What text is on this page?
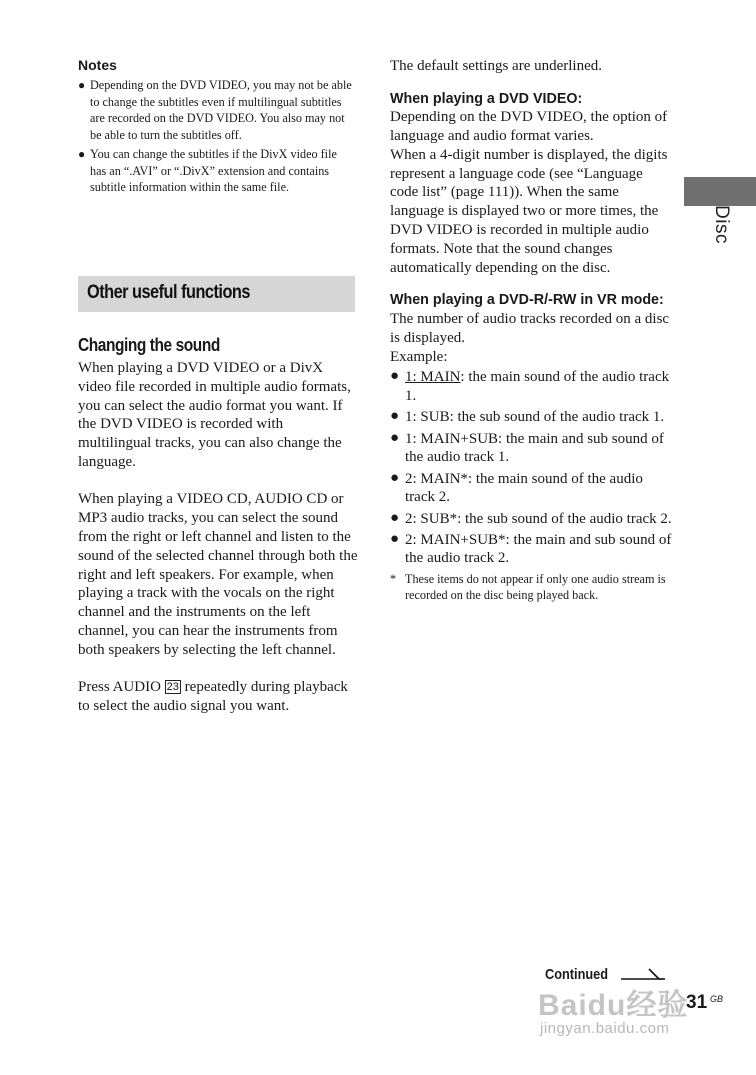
Notes
● Depending on the DVD VIDEO, you may not be able to change the subtitles even if multilingual subtitles are recorded on the DVD VIDEO. You also may not be able to turn the subtitles off.
● You can change the subtitles if the DivX video file has an “.AVI” or “.DivX” extension and contains subtitle information within the same file.
Other useful functions
Changing the sound

When playing a DVD VIDEO or a DivX video file recorded in multiple audio formats, you can select the audio format you want. If the DVD VIDEO is recorded with multilingual tracks, you can also change the language.

When playing a VIDEO CD, AUDIO CD or MP3 audio tracks, you can select the sound from the right or left channel and listen to the sound of the selected channel through both the right and left speakers. For example, when playing a track with the vocals on the right channel and the instruments on the left channel, you can hear the instruments from both speakers by selecting the left channel.

Press AUDIO 23 repeatedly during playback to select the audio signal you want.

The default settings are underlined.

When playing a DVD VIDEO:

Depending on the DVD VIDEO, the option of language and audio format varies.

When a 4-digit number is displayed, the digits represent a language code (see “Language code list” (page 111)). When the same language is displayed two or more times, the DVD VIDEO is recorded in multiple audio formats. Note that the sound changes automatically depending on the disc.

When playing a DVD-R/-RW in VR mode:

The number of audio tracks recorded on a disc is displayed.

Example:

● 1: MAIN: the main sound of the audio track 1.
● 1: SUB: the sub sound of the audio track 1.
● 1: MAIN+SUB: the main and sub sound of the audio track 1.
● 2: MAIN*: the main sound of the audio track 2.
● 2: SUB*: the sub sound of the audio track 2.
● 2: MAIN+SUB*: the main and sub sound of the audio track 2.
* These items do not appear if only one audio stream is recorded on the disc being played back.
Disc
Baidu经验
jingyan.baidu.com
Continued
31 GB
